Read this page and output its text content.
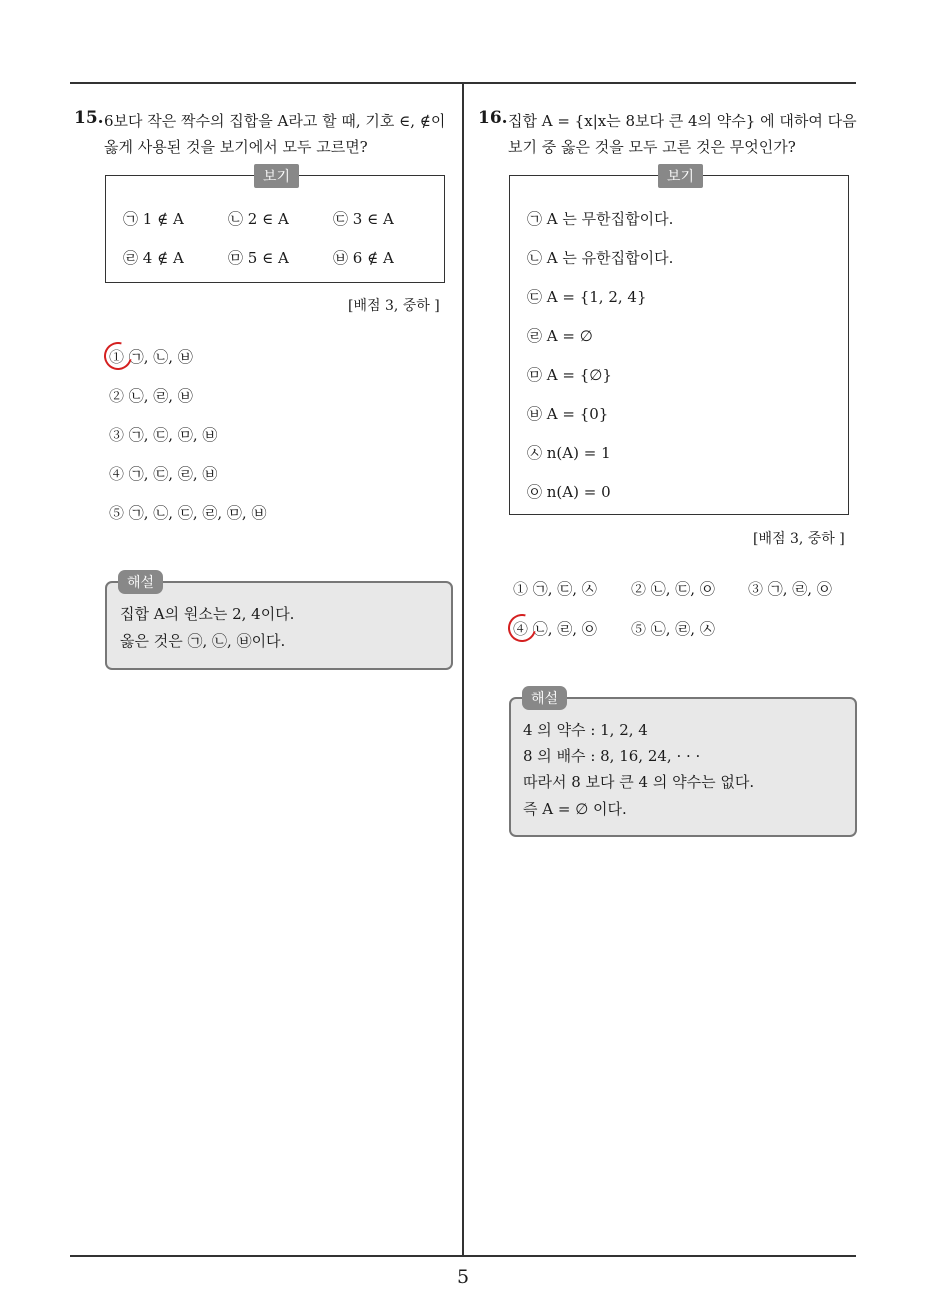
5
15. 6보다 작은 짝수의 집합을 A라고 할 때, 기호 ∈, ∉이
옳게 사용된 것을 보기에서 모두 고르면?
보기
㉠ 1 ∉ A	㉡ 2 ∈ A	㉢ 3 ∈ A
㉣ 4 ∉ A	㉤ 5 ∈ A	㉥ 6 ∉ A
[배점 3, 중하 ]
① ㉠, ㉡, ㉥
② ㉡, ㉣, ㉥
③ ㉠, ㉢, ㉤, ㉥
④ ㉠, ㉢, ㉣, ㉥
⑤ ㉠, ㉡, ㉢, ㉣, ㉤, ㉥
해설
집합 A의 원소는 2, 4이다.
옳은 것은 ㉠, ㉡, ㉥이다.
16. 집합 A = {x|x는 8보다 큰 4의 약수} 에 대하여 다음
보기 중 옳은 것을 모두 고른 것은 무엇인가?
보기
㉠ A 는 무한집합이다.
㉡ A 는 유한집합이다.
㉢ A = {1, 2, 4}
㉣ A = ∅
㉤ A = {∅}
㉥ A = {0}
㉦ n(A) = 1
㉧ n(A) = 0
[배점 3, 중하 ]
① ㉠, ㉢, ㉦ ② ㉡, ㉢, ㉧ ③ ㉠, ㉣, ㉧
④ ㉡, ㉣, ㉧ ⑤ ㉡, ㉣, ㉦
해설
4 의 약수 : 1, 2, 4
8 의 배수 : 8, 16, 24, · · ·
따라서 8 보다 큰 4 의 약수는 없다.
즉 A = ∅ 이다.
